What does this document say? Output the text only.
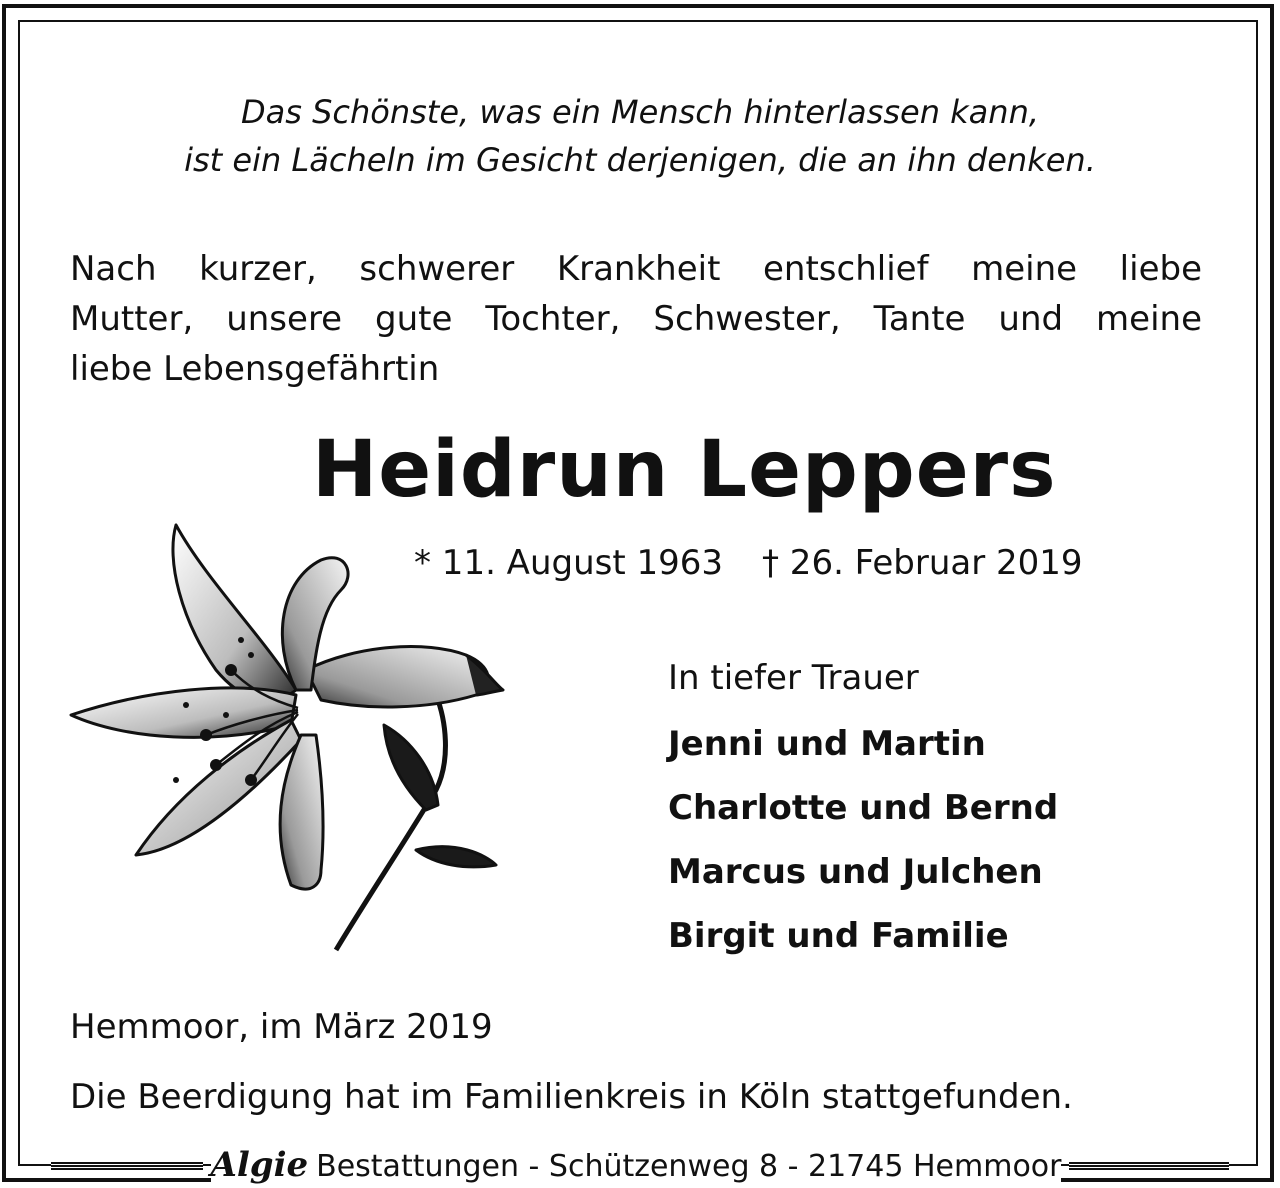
Das Schönste, was ein Mensch hinterlassen kann,
ist ein Lächeln im Gesicht derjenigen, die an ihn denken.
Nach kurzer, schwerer Krankheit entschlief meine liebe
Mutter, unsere gute Tochter, Schwester, Tante und meine
liebe Lebensgefährtin
Heidrun Leppers
* 11. August 1963 † 26. Februar 2019
In tiefer Trauer
Jenni und Martin
Charlotte und Bernd
Marcus und Julchen
Birgit und Familie
Hemmoor, im März 2019
Die Beerdigung hat im Familienkreis in Köln stattgefunden.
Algie Bestattungen - Schützenweg 8 - 21745 Hemmoor
